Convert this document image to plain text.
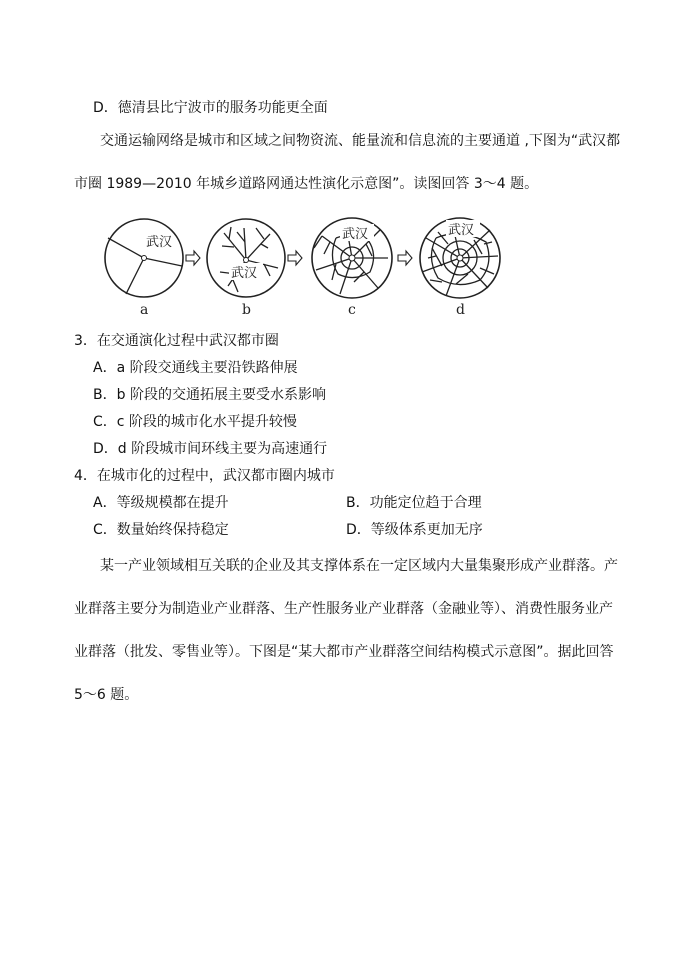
D．德清县比宁波市的服务功能更全面
交通运输网络是城市和区域之间物资流、能量流和信息流的主要通道 ,下图为“武汉都
市圈 1989—2010 年城乡道路网通达性演化示意图”。读图回答 3～4 题。
武汉
武汉
武汉	武汉
a	b	c	d
3．在交通演化过程中武汉都市圈
A．a 阶段交通线主要沿铁路伸展
B．b 阶段的交通拓展主要受水系影响
C．c 阶段的城市化水平提升较慢
D．d 阶段城市间环线主要为高速通行
4．在城市化的过程中，武汉都市圈内城市
A．等级规模都在提升	B．功能定位趋于合理
C．数量始终保持稳定	D．等级体系更加无序
某一产业领域相互关联的企业及其支撑体系在一定区域内大量集聚形成产业群落。产
业群落主要分为制造业产业群落、生产性服务业产业群落（金融业等）、消费性服务业产
业群落（批发、零售业等）。下图是“某大都市产业群落空间结构模式示意图”。据此回答
5～6 题。
